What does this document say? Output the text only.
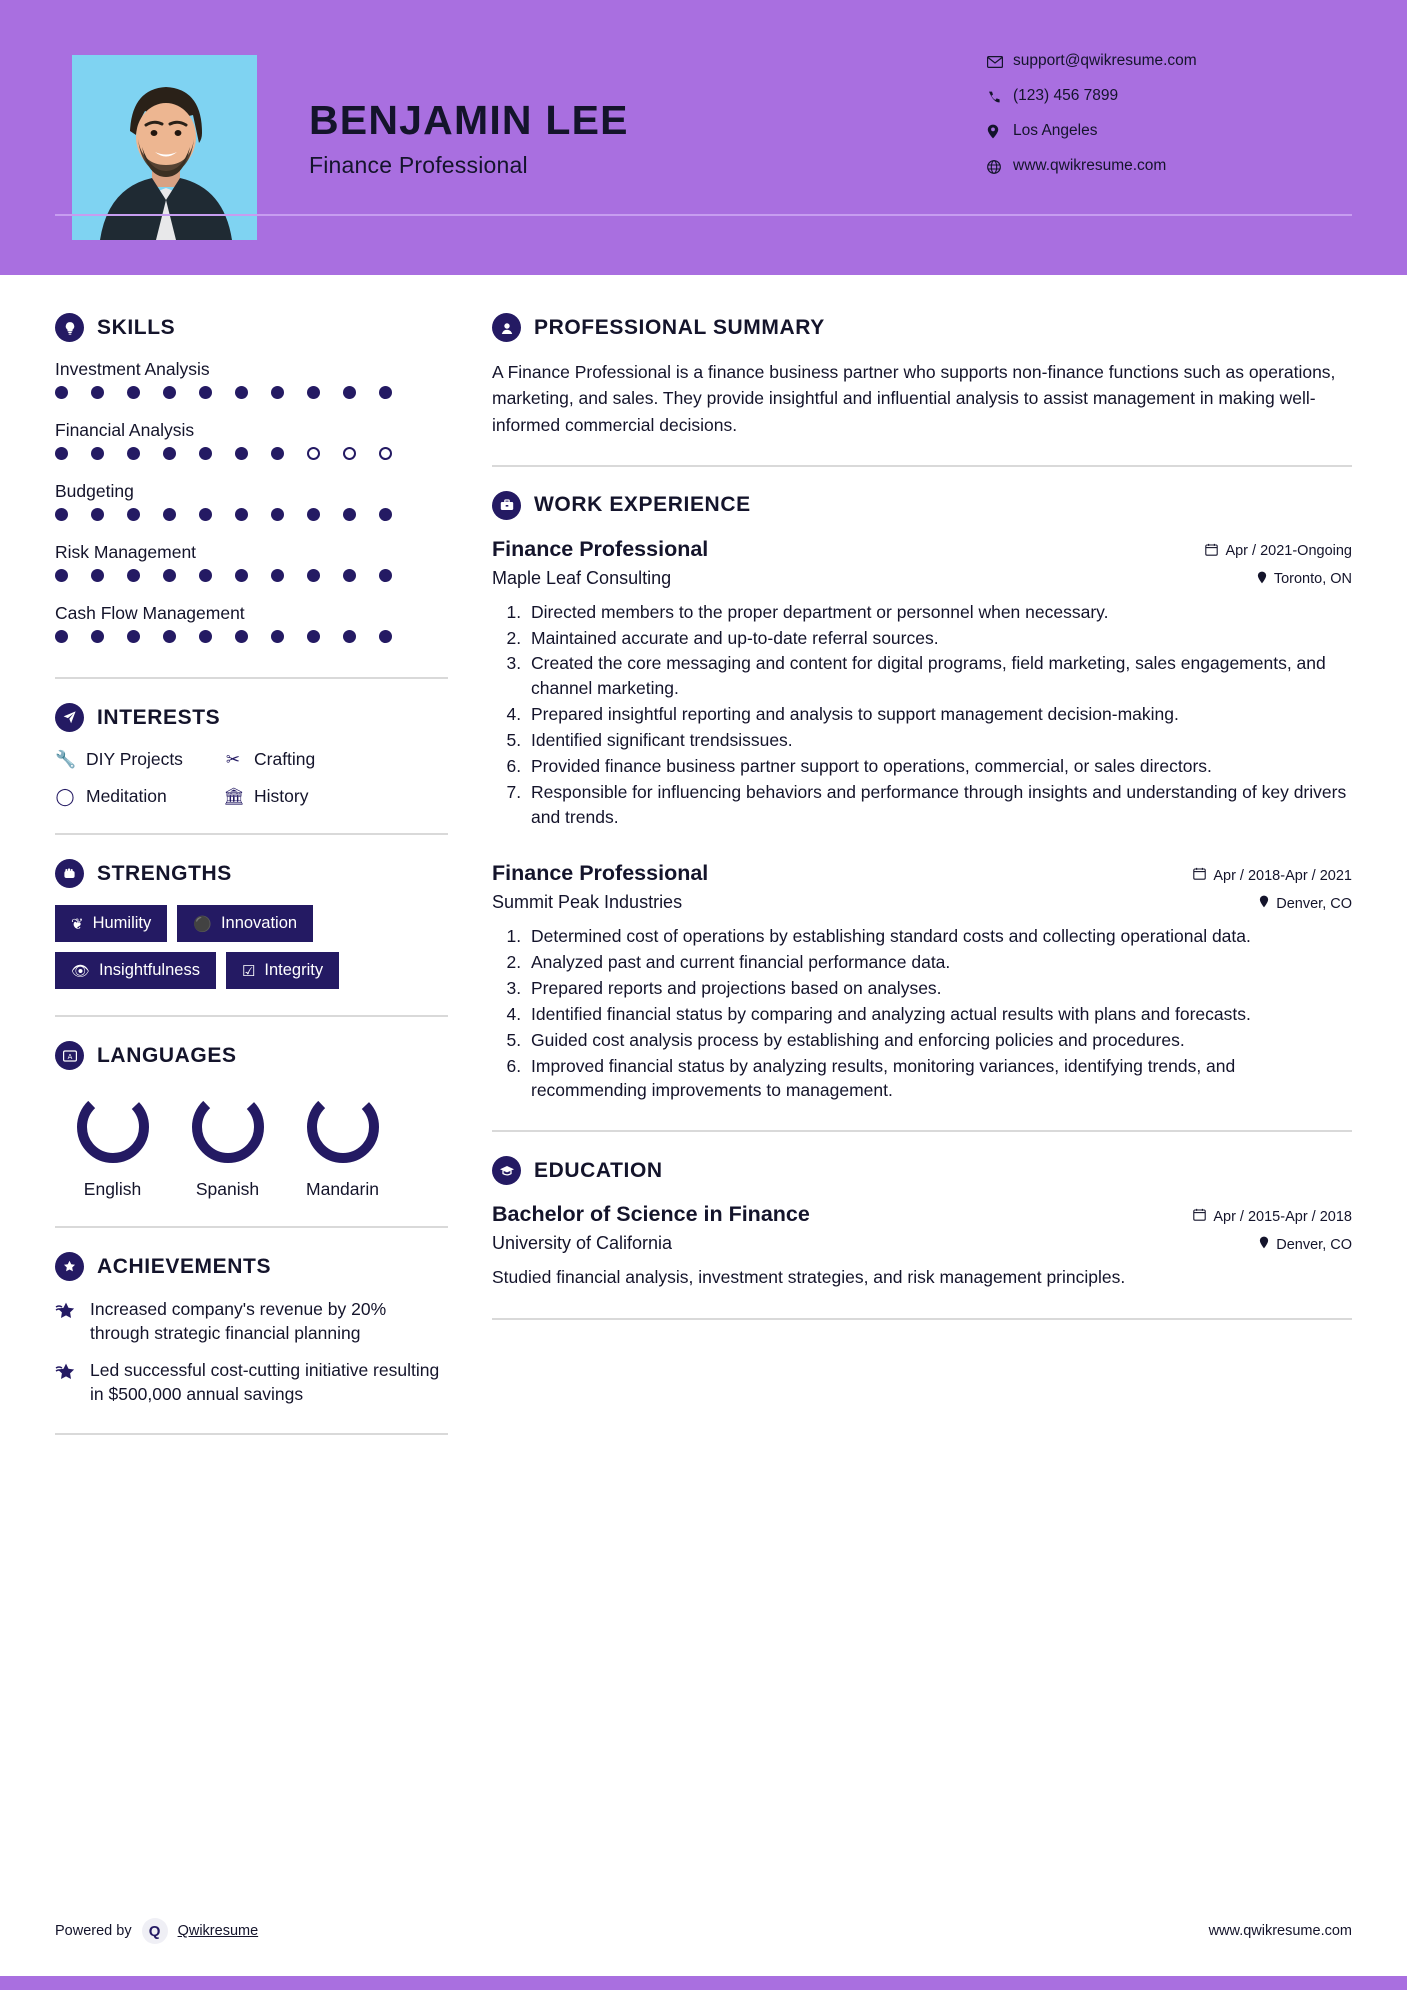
BENJAMIN LEE
Finance Professional
support@qwikresume.com
(123) 456 7899
Los Angeles
www.qwikresume.com
SKILLS
Investment Analysis
Financial Analysis
Budgeting
Risk Management
Cash Flow Management
INTERESTS
🔧 DIY Projects	✂ Crafting
◯ Meditation	🏛 History
STRENGTHS
❦ Humility	⚫ Innovation
👁 Insightfulness	☑ Integrity
A LANGUAGES
English	Spanish	Mandarin
ACHIEVEMENTS
Increased company's revenue by 20% through strategic financial planning
Led successful cost-cutting initiative resulting in $500,000 annual savings
PROFESSIONAL SUMMARY
A Finance Professional is a finance business partner who supports non-finance functions such as operations, marketing, and sales. They provide insightful and influential analysis to assist management in making well-informed commercial decisions.
WORK EXPERIENCE
Finance Professional	Apr / 2021-Ongoing
Maple Leaf Consulting	Toronto, ON
1. Directed members to the proper department or personnel when necessary.
2. Maintained accurate and up-to-date referral sources.
3. Created the core messaging and content for digital programs, field marketing, sales engagements, and channel marketing.
4. Prepared insightful reporting and analysis to support management decision-making.
5. Identified significant trendsissues.
6. Provided finance business partner support to operations, commercial, or sales directors.
7. Responsible for influencing behaviors and performance through insights and understanding of key drivers and trends.
Finance Professional	Apr / 2018-Apr / 2021
Summit Peak Industries	Denver, CO
1. Determined cost of operations by establishing standard costs and collecting operational data.
2. Analyzed past and current financial performance data.
3. Prepared reports and projections based on analyses.
4. Identified financial status by comparing and analyzing actual results with plans and forecasts.
5. Guided cost analysis process by establishing and enforcing policies and procedures.
6. Improved financial status by analyzing results, monitoring variances, identifying trends, and recommending improvements to management.
EDUCATION
Bachelor of Science in Finance	Apr / 2015-Apr / 2018
University of California	Denver, CO
Studied financial analysis, investment strategies, and risk management principles.
Powered by	Q	Qwikresume	www.qwikresume.com
